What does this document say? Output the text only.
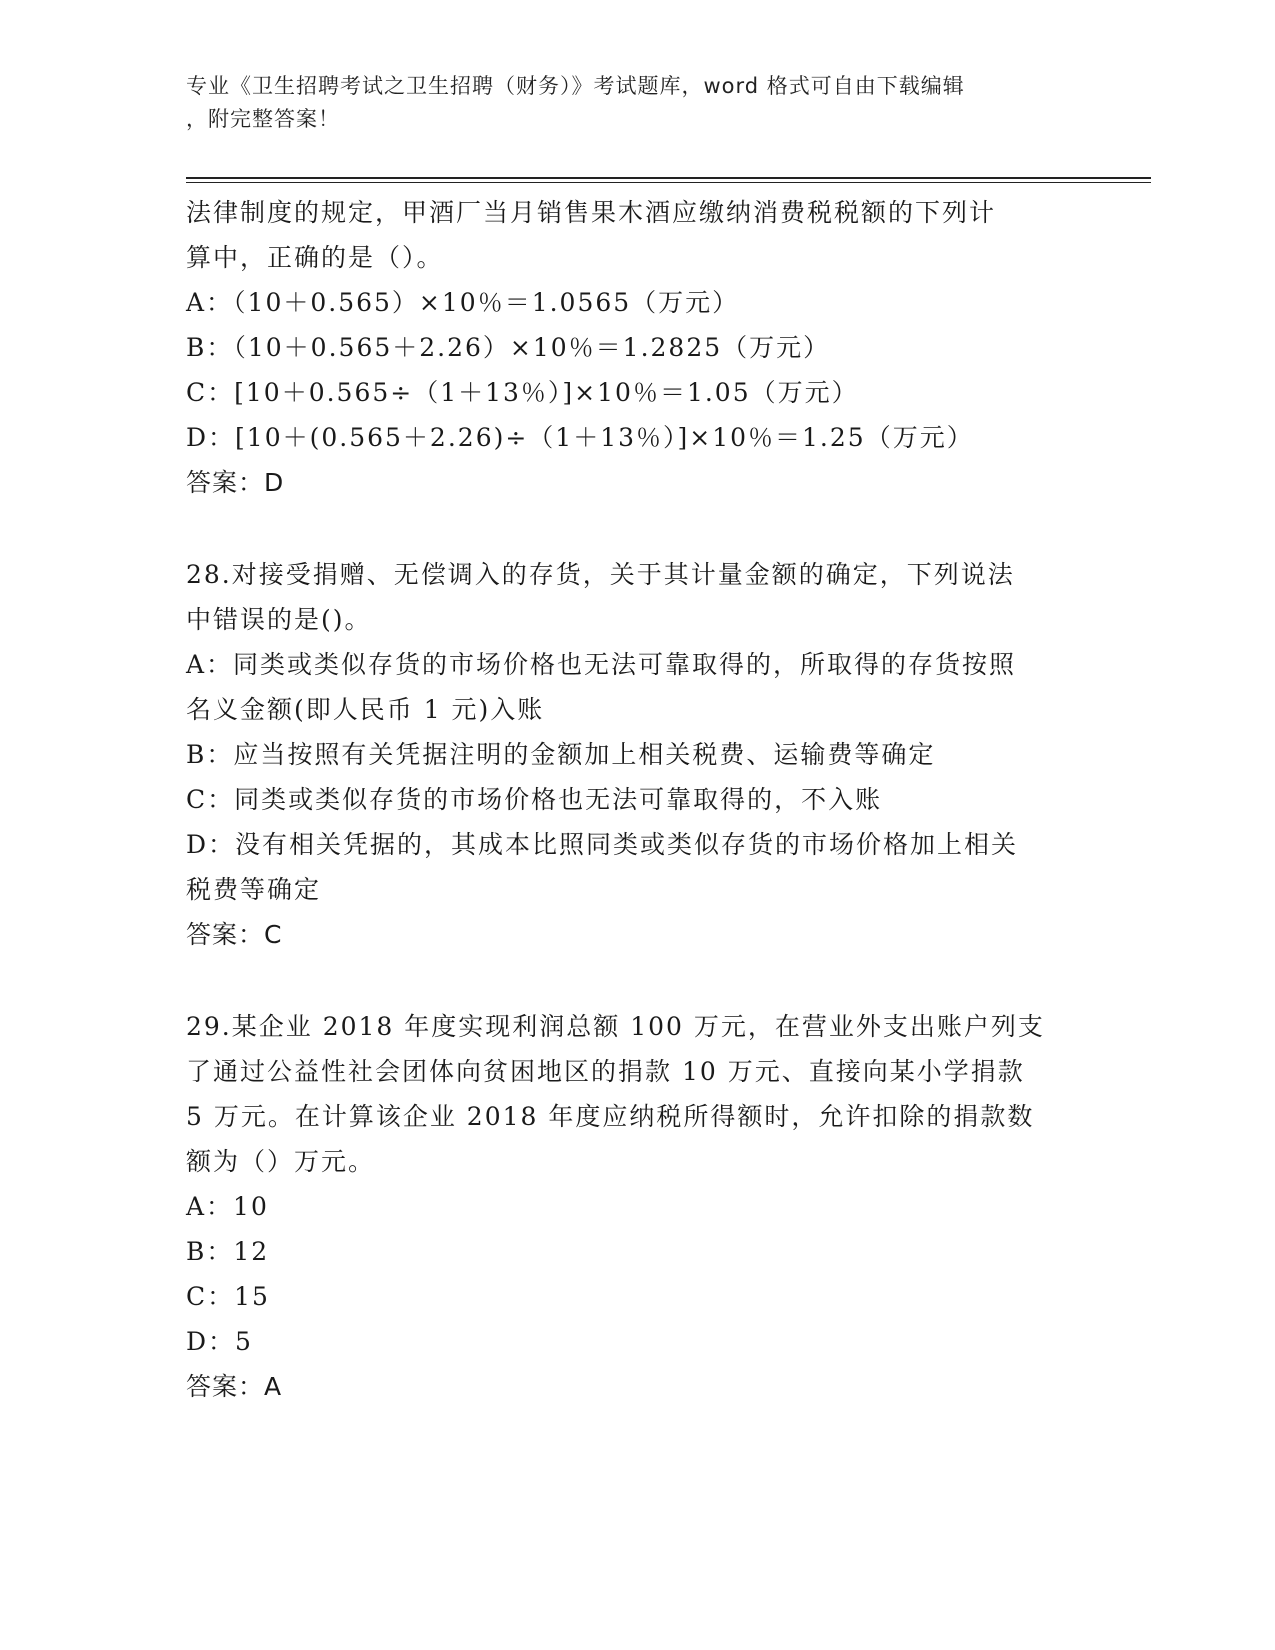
专业《卫生招聘考试之卫生招聘（财务）》考试题库，word 格式可自由下载编辑
，附完整答案！

法律制度的规定，甲酒厂当月销售果木酒应缴纳消费税税额的下列计

算中，正确的是（）。

A：（10＋0.565）×10％＝1.0565（万元）

B：（10＋0.565＋2.26）×10％＝1.2825（万元）

C：[10＋0.565÷（1＋13％）]×10％＝1.05（万元）

D：[10＋(0.565＋2.26)÷（1＋13％）]×10％＝1.25（万元）

答案：D

28.对接受捐赠、无偿调入的存货，关于其计量金额的确定，下列说法

中错误的是()。

A：同类或类似存货的市场价格也无法可靠取得的，所取得的存货按照

名义金额(即人民币 1 元)入账

B：应当按照有关凭据注明的金额加上相关税费、运输费等确定

C：同类或类似存货的市场价格也无法可靠取得的，不入账

D：没有相关凭据的，其成本比照同类或类似存货的市场价格加上相关

税费等确定

答案：C

29.某企业 2018 年度实现利润总额 100 万元，在营业外支出账户列支

了通过公益性社会团体向贫困地区的捐款 10 万元、直接向某小学捐款

5 万元。在计算该企业 2018 年度应纳税所得额时，允许扣除的捐款数

额为（）万元。

A：10

B：12

C：15

D：5

答案：A
